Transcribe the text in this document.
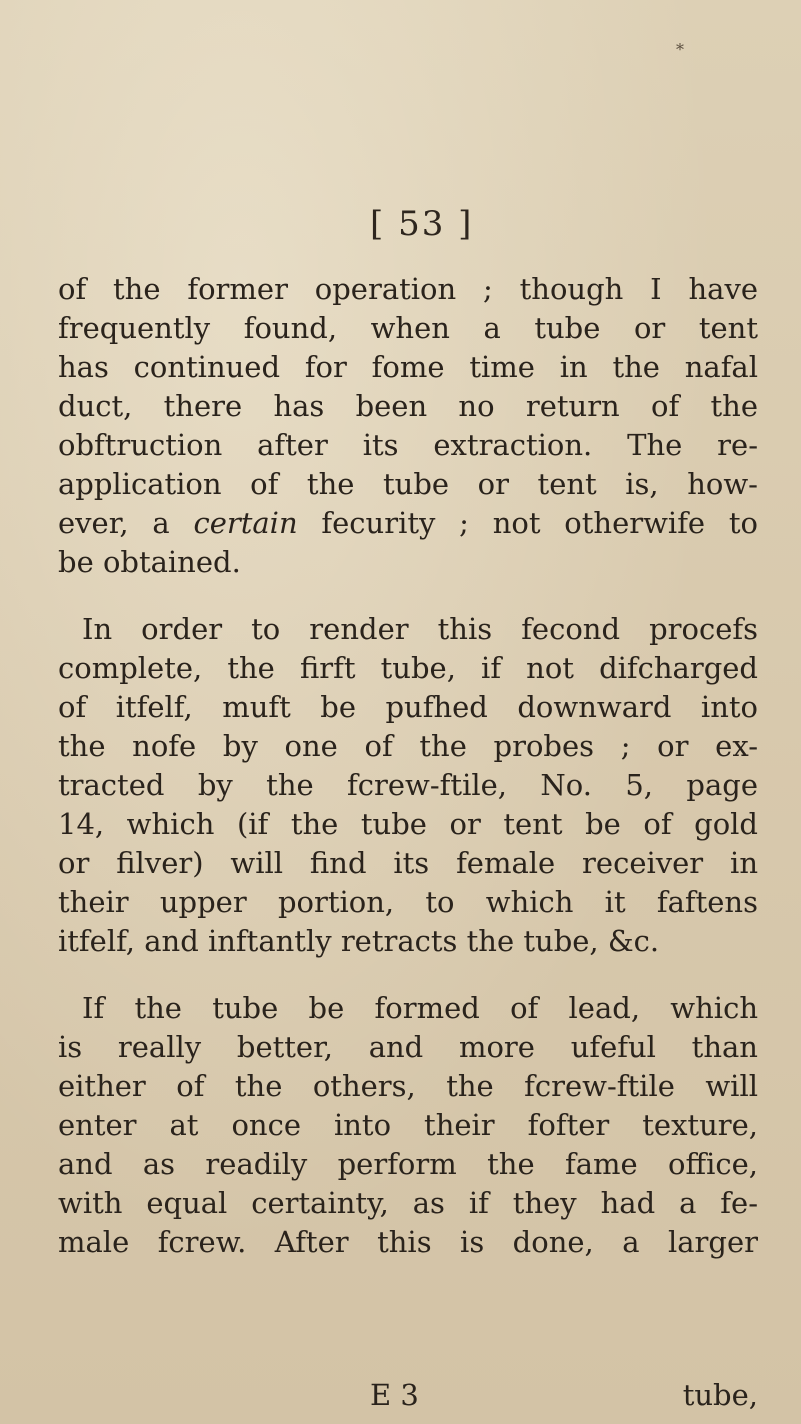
*
[ 53 ]
of the former operation ; though I have
frequently found, when a tube or tent
has continued for fome time in the nafal
duct, there has been no return of the
obftruction after its extraction. The re-
application of the tube or tent is, how-
ever, a certain fecurity ; not otherwife to
be obtained.
In order to render this fecond procefs
complete, the firft tube, if not difcharged
of itfelf, muft be pufhed downward into
the nofe by one of the probes ; or ex-
tracted by the fcrew-ftile, No. 5, page
14, which (if the tube or tent be of gold
or filver) will find its female receiver in
their upper portion, to which it faftens
itfelf, and inftantly retracts the tube, &c.
If the tube be formed of lead, which
is really better, and more ufeful than
either of the others, the fcrew-ftile will
enter at once into their fofter texture,
and as readily perform the fame office,
with equal certainty, as if they had a fe-
male fcrew. After this is done, a larger
E 3	tube,
